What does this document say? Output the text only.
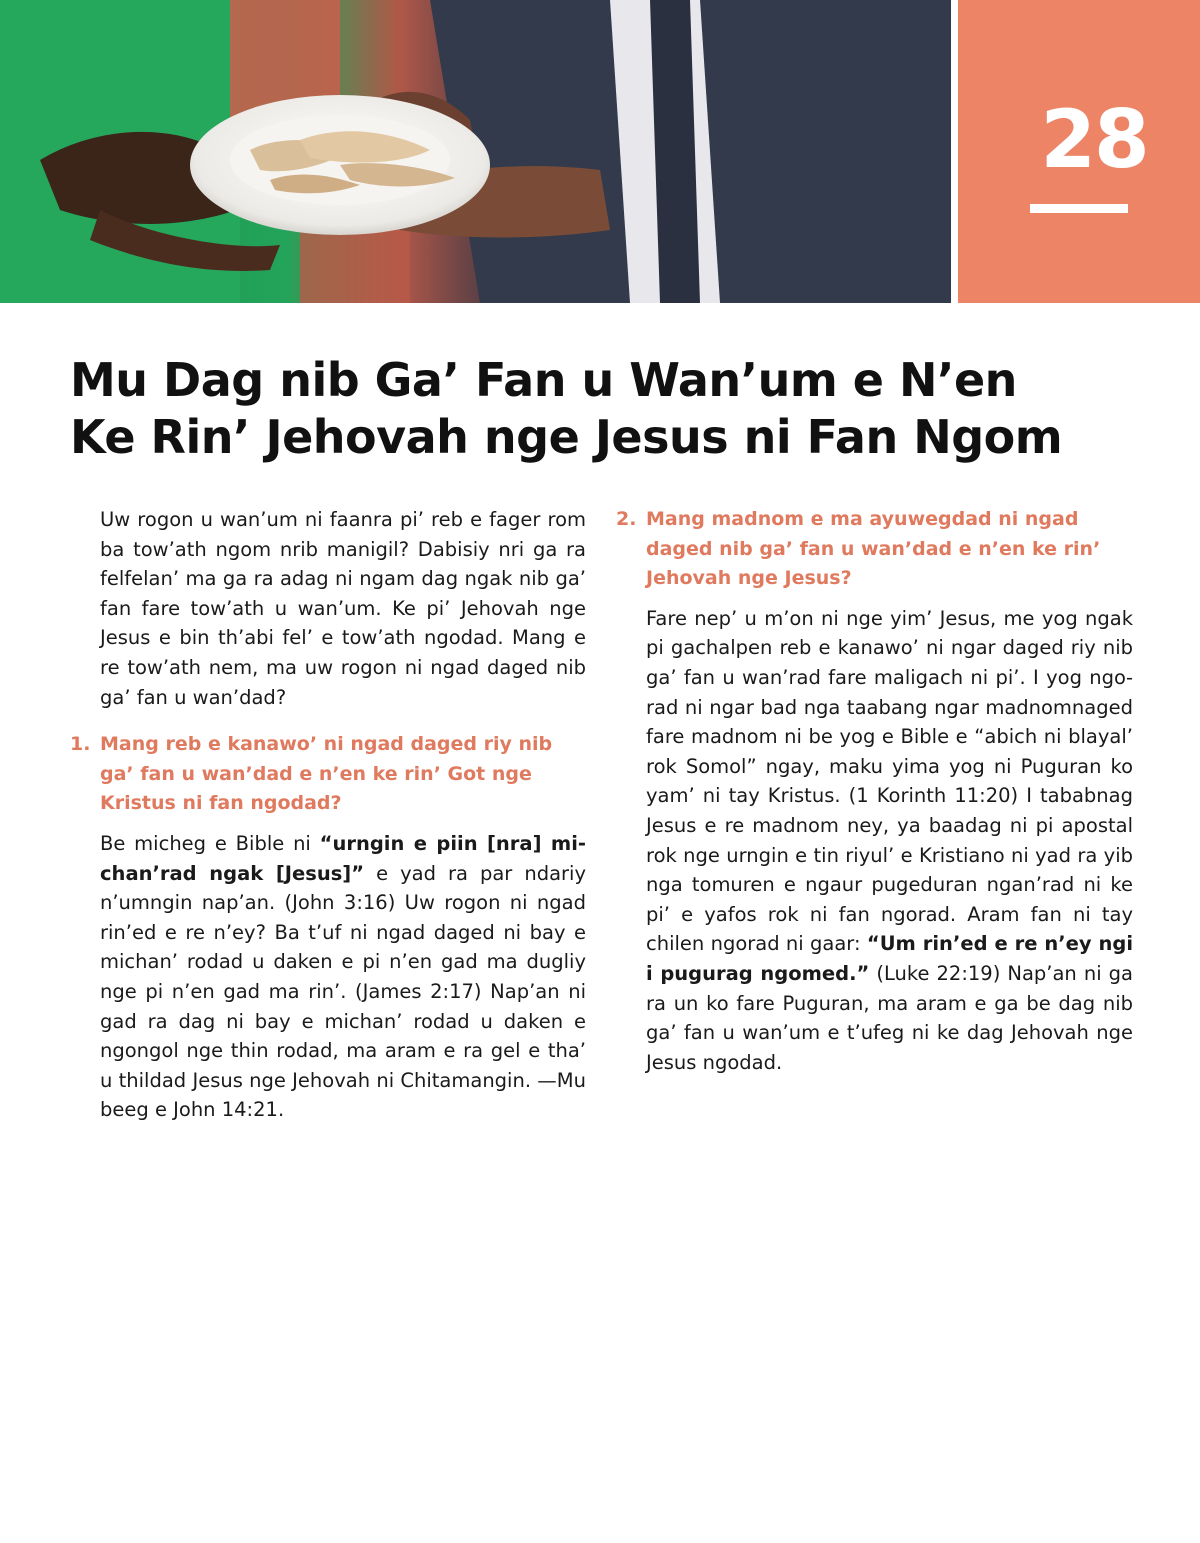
28
Mu Dag nib Ga’ Fan u Wan’um e N’en Ke Rin’ Jehovah nge Jesus ni Fan Ngom

Uw rogon u wan’um ni faanra pi’ reb e fager rom ba tow’ath ngom nrib manigil? Dabisiy nri ga ra felfelan’ ma ga ra adag ni ngam dag ngak nib ga’ fan fare tow’ath u wan’um. Ke pi’ Jehovah nge Jesus e bin th’abi fel’ e tow’ath ngodad. Mang e re tow’ath nem, ma uw rogon ni ngad daged nib ga’ fan u wan’dad?

1. Mang reb e kanawo’ ni ngad daged riy nib ga’ fan u wan’dad e n’en ke rin’ Got nge Kristus ni fan ngodad?

Be micheg e Bible ni “urngin e piin [nra] michan’rad ngak [Jesus]” e yad ra par ndariy n’umngin nap’an. (John 3:16) Uw rogon ni ngad rin’ed e re n’ey? Ba t’uf ni ngad daged ni bay e michan’ rodad u daken e pi n’en gad ma dugliy nge pi n’en gad ma rin’. (James 2:17) Nap’an ni gad ra dag ni bay e michan’ rodad u daken e ngongol nge thin rodad, ma aram e ra gel e tha’ u thildad Jesus nge Jehovah ni Chitamangin. —Mu beeg e John 14:21.

2. Mang madnom e ma ayuwegdad ni ngad daged nib ga’ fan u wan’dad e n’en ke rin’ Jehovah nge Jesus?

Fare nep’ u m’on ni nge yim’ Jesus, me yog ngak pi gachalpen reb e kanawo’ ni ngar daged riy nib ga’ fan u wan’rad fare maligach ni pi’. I yog ngorad ni ngar bad nga taabang ngar madnomnaged fare madnom ni be yog e Bible e “abich ni blayal’ rok Somol” ngay, maku yima yog ni Puguran ko yam’ ni tay Kristus. (1 Korinth 11:20) I tababnag Jesus e re madnom ney, ya baadag ni pi apostal rok nge urngin e tin riyul’ e Kristiano ni yad ra yib nga tomuren e ngaur pugeduran ngan’rad ni ke pi’ e yafos rok ni fan ngorad. Aram fan ni tay chilen ngorad ni gaar: “Um rin’ed e re n’ey ngi i pugurag ngomed.” (Luke 22:19) Nap’an ni ga ra un ko fare Puguran, ma aram e ga be dag nib ga’ fan u wan’um e t’ufeg ni ke dag Jehovah nge Jesus ngodad.
